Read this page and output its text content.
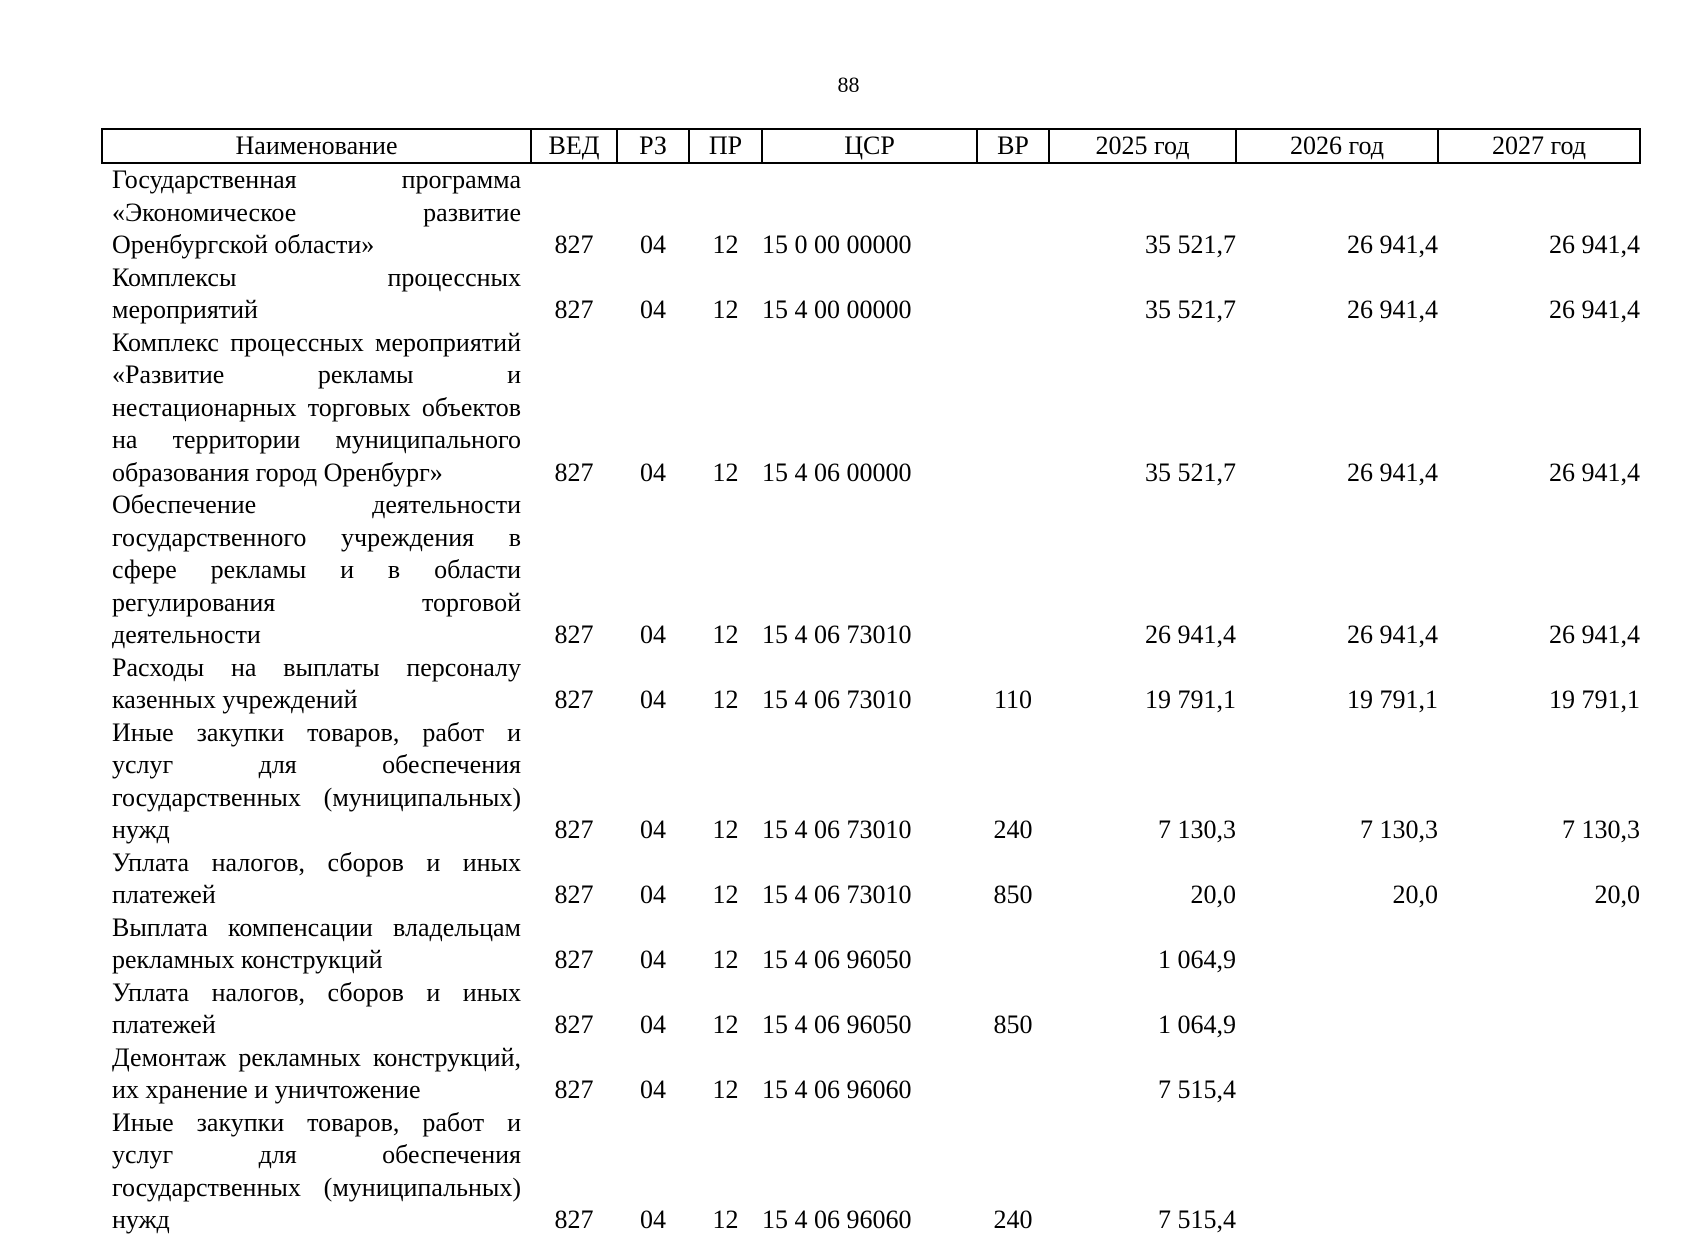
88
Наименование	ВЕД	РЗ	ПР	ЦСР	ВР	2025 год	2026 год	2027 год
Государственная программа «Экономическое развитие Оренбургской области»	827	04	12	15 0 00 00000		35 521,7	26 941,4	26 941,4
Комплексы процессных мероприятий	827	04	12	15 4 00 00000		35 521,7	26 941,4	26 941,4
Комплекс процессных мероприятий «Развитие рекламы и нестационарных торговых объектов на территории муниципального образования город Оренбург»	827	04	12	15 4 06 00000		35 521,7	26 941,4	26 941,4
Обеспечение деятельности государственного учреждения в сфере рекламы и в области регулирования торговой деятельности	827	04	12	15 4 06 73010		26 941,4	26 941,4	26 941,4
Расходы на выплаты персоналу казенных учреждений	827	04	12	15 4 06 73010	110	19 791,1	19 791,1	19 791,1
Иные закупки товаров, работ и услуг для обеспечения государственных (муниципальных) нужд	827	04	12	15 4 06 73010	240	7 130,3	7 130,3	7 130,3
Уплата налогов, сборов и иных платежей	827	04	12	15 4 06 73010	850	20,0	20,0	20,0
Выплата компенсации владельцам рекламных конструкций	827	04	12	15 4 06 96050		1 064,9		
Уплата налогов, сборов и иных платежей	827	04	12	15 4 06 96050	850	1 064,9		
Демонтаж рекламных конструкций, их хранение и уничтожение	827	04	12	15 4 06 96060		7 515,4		
Иные закупки товаров, работ и услуг для обеспечения государственных (муниципальных) нужд	827	04	12	15 4 06 96060	240	7 515,4		
